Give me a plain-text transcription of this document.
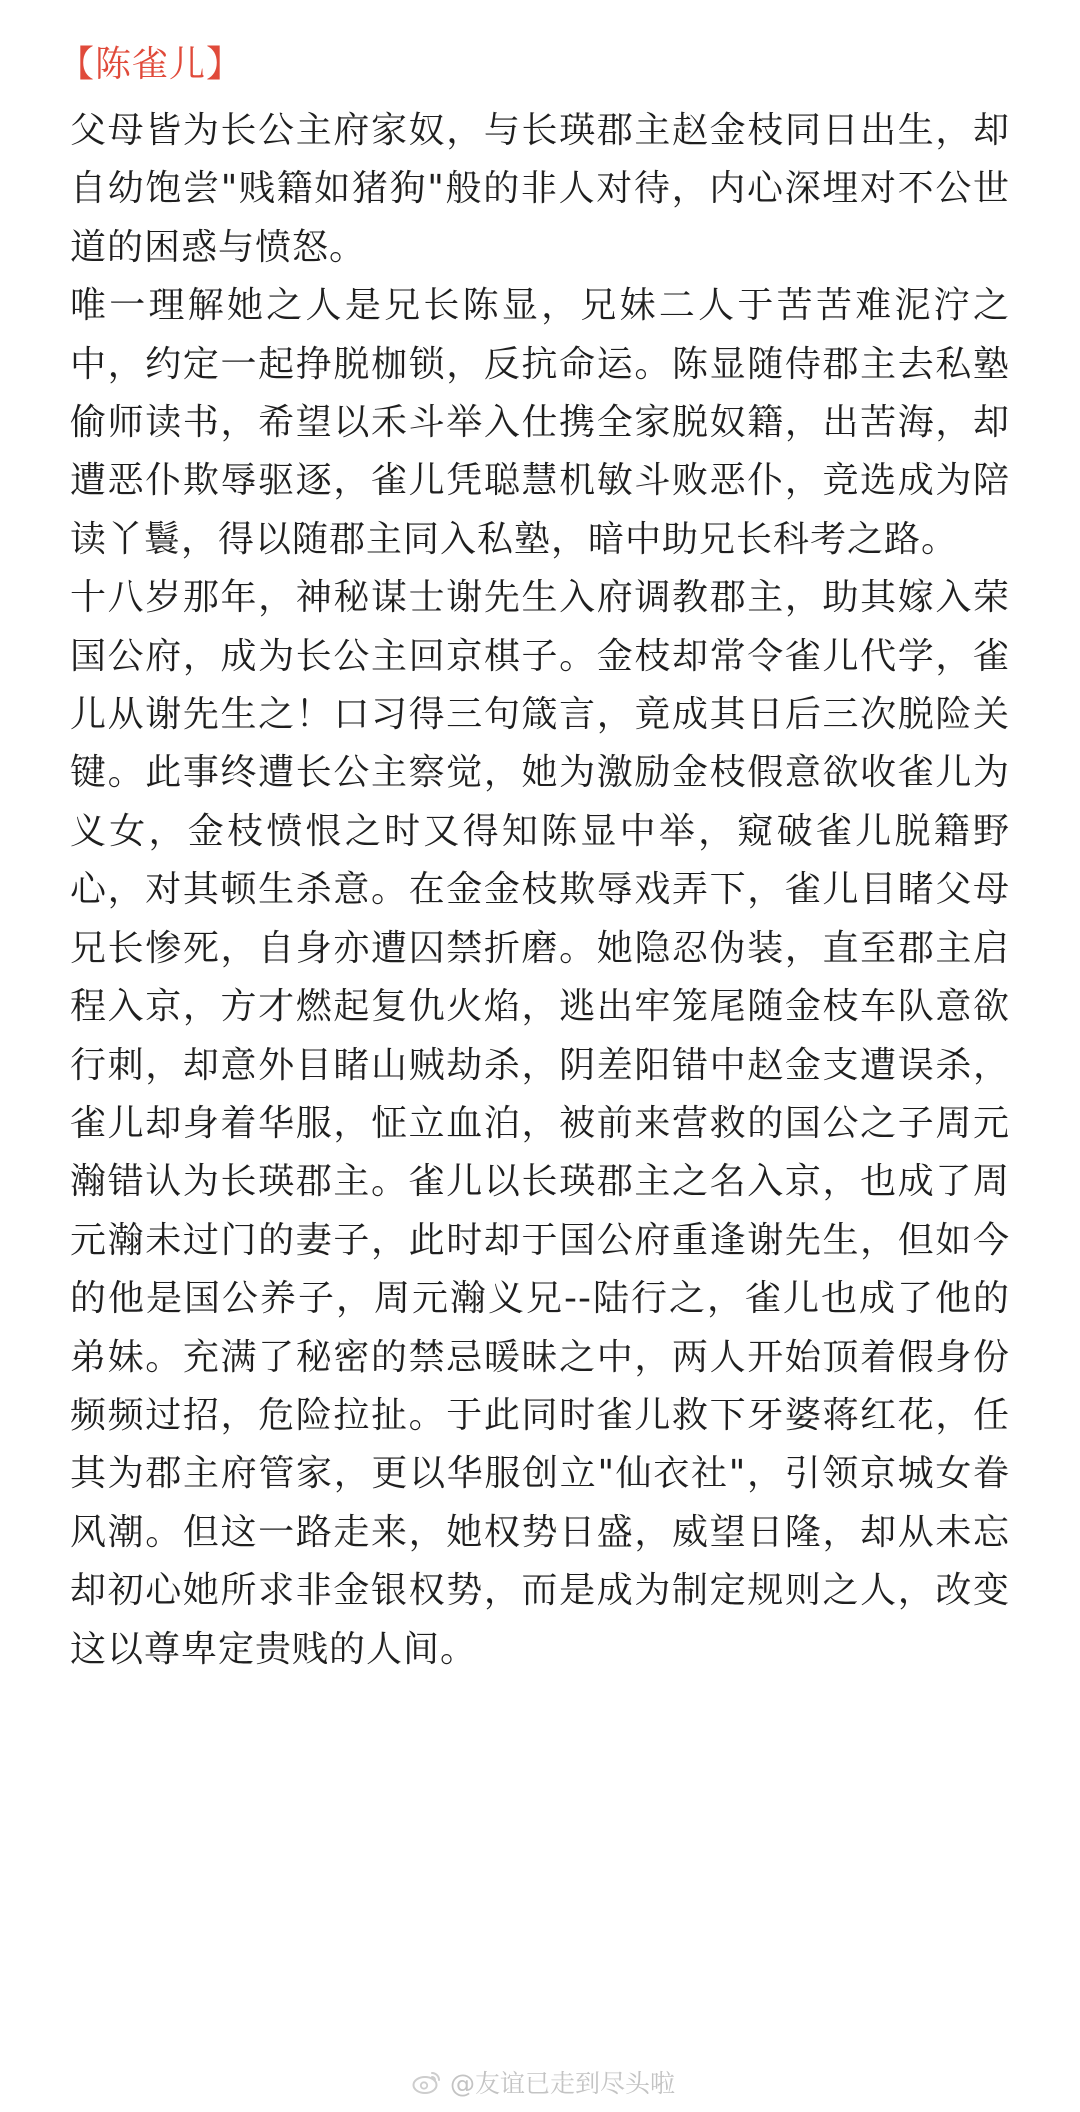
【陈雀儿】

父母皆为长公主府家奴，与长瑛郡主赵金枝同日出生，却自幼饱尝"贱籍如猪狗"般的非人对待，内心深埋对不公世道的困惑与愤怒。

唯一理解她之人是兄长陈显，兄妹二人于苦苦难泥泞之中，约定一起挣脱枷锁，反抗命运。陈显随侍郡主去私塾偷师读书，希望以禾斗举入仕携全家脱奴籍，出苦海，却遭恶仆欺辱驱逐，雀儿凭聪慧机敏斗败恶仆，竞选成为陪读丫鬟，得以随郡主同入私塾，暗中助兄长科考之路。

十八岁那年，神秘谋士谢先生入府调教郡主，助其嫁入荣国公府，成为长公主回京棋子。金枝却常令雀儿代学，雀儿从谢先生之！口习得三句箴言，竟成其日后三次脱险关键。此事终遭长公主察觉，她为激励金枝假意欲收雀儿为义女，金枝愤恨之时又得知陈显中举，窥破雀儿脱籍野心，对其顿生杀意。在金金枝欺辱戏弄下，雀儿目睹父母兄长惨死，自身亦遭囚禁折磨。她隐忍伪装，直至郡主启程入京，方才燃起复仇火焰，逃出牢笼尾随金枝车队意欲行刺，却意外目睹山贼劫杀，阴差阳错中赵金支遭误杀，雀儿却身着华服，怔立血泊，被前来营救的国公之子周元瀚错认为长瑛郡主。雀儿以长瑛郡主之名入京，也成了周元瀚未过门的妻子，此时却于国公府重逢谢先生，但如今的他是国公养子，周元瀚义兄--陆行之，雀儿也成了他的弟妹。充满了秘密的禁忌暖昧之中，两人开始顶着假身份频频过招，危险拉扯。于此同时雀儿救下牙婆蒋红花，任其为郡主府管家，更以华服创立"仙衣社"，引领京城女眷风潮。但这一路走来，她权势日盛，威望日隆，却从未忘却初心她所求非金银权势，而是成为制定规则之人，改变这以尊卑定贵贱的人间。

@友谊已走到尽头啦
